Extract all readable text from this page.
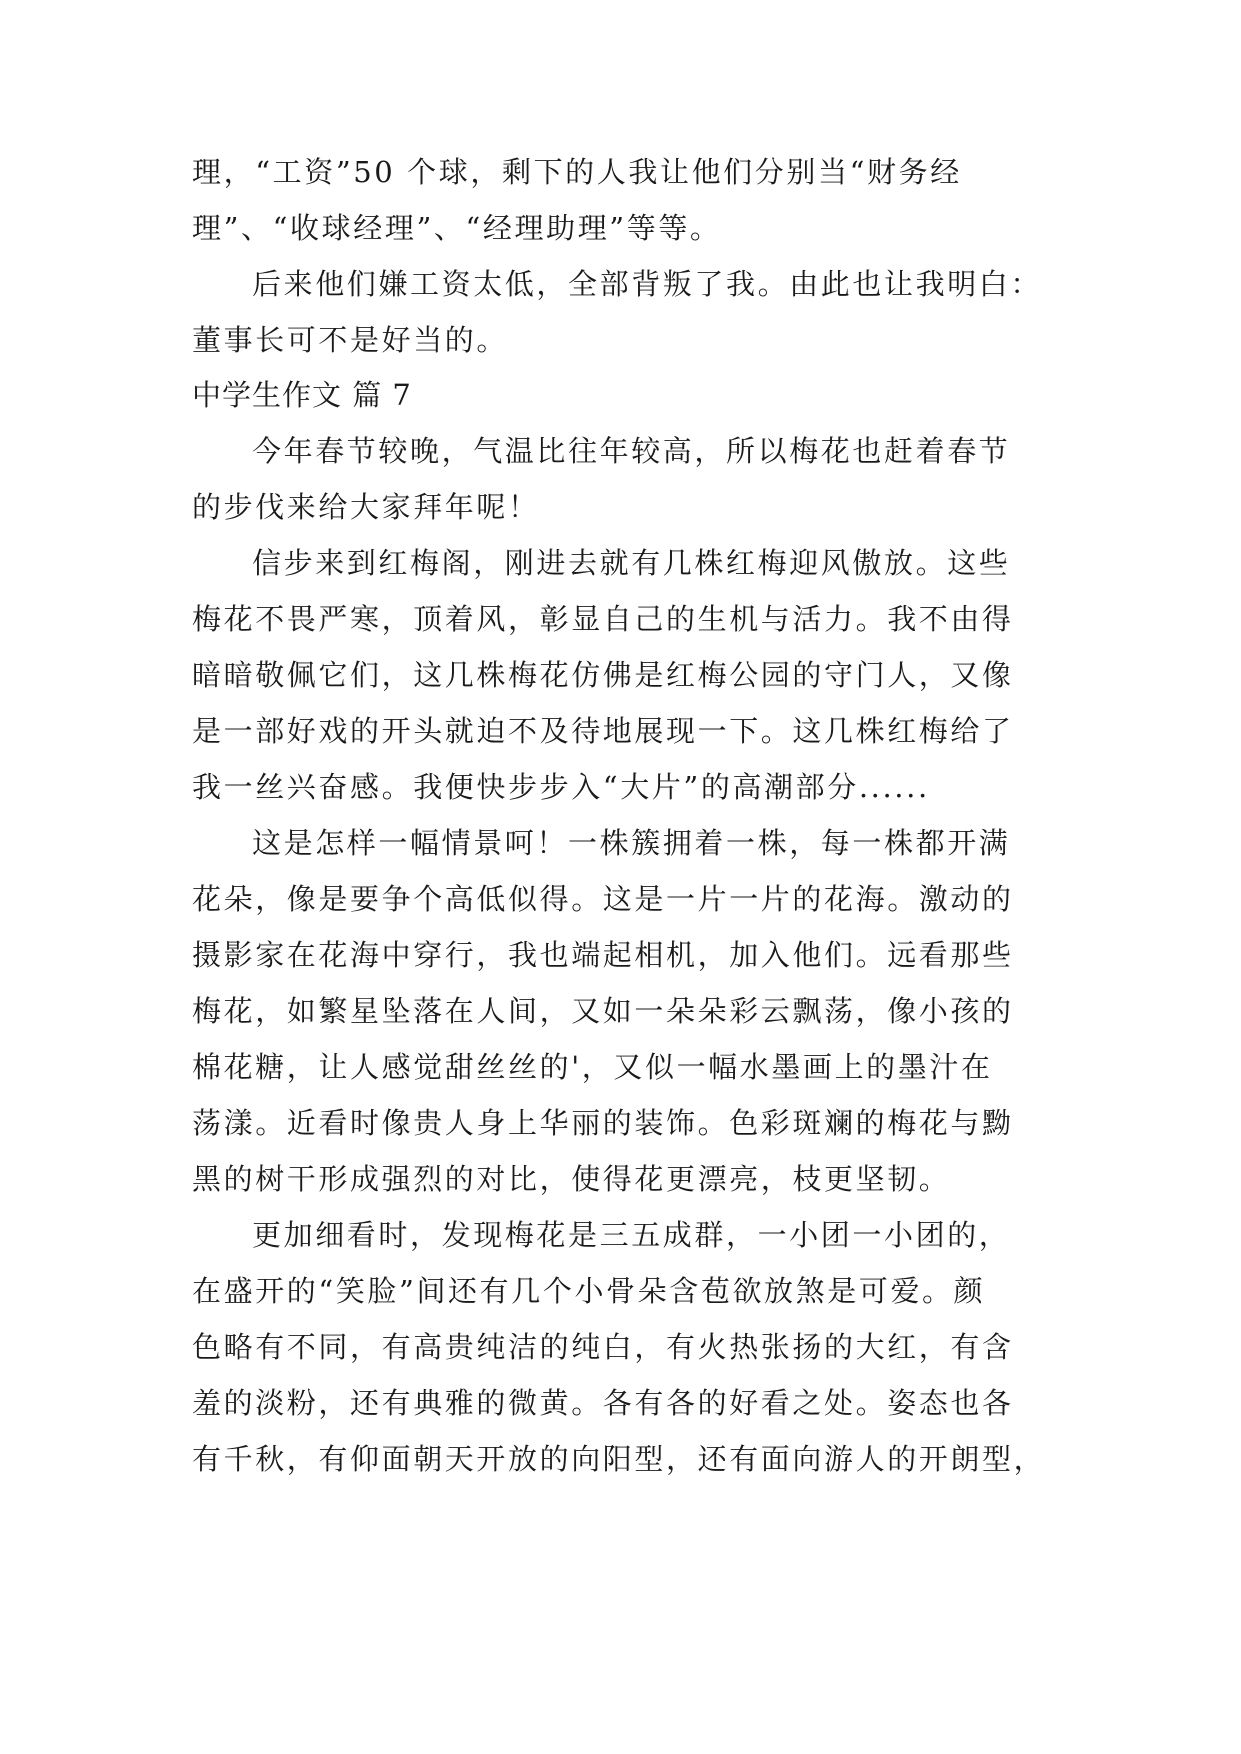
理，“工资”50 个球，剩下的人我让他们分别当“财务经
理”、“收球经理”、“经理助理”等等。
后来他们嫌工资太低，全部背叛了我。由此也让我明白：
董事长可不是好当的。
中学生作文 篇 7
今年春节较晚，气温比往年较高，所以梅花也赶着春节
的步伐来给大家拜年呢！
信步来到红梅阁，刚进去就有几株红梅迎风傲放。这些
梅花不畏严寒，顶着风，彰显自己的生机与活力。我不由得
暗暗敬佩它们，这几株梅花仿佛是红梅公园的守门人，又像
是一部好戏的开头就迫不及待地展现一下。这几株红梅给了
我一丝兴奋感。我便快步步入“大片”的高潮部分......
这是怎样一幅情景呵！一株簇拥着一株，每一株都开满
花朵，像是要争个高低似得。这是一片一片的花海。激动的
摄影家在花海中穿行，我也端起相机，加入他们。远看那些
梅花，如繁星坠落在人间，又如一朵朵彩云飘荡，像小孩的
棉花糖，让人感觉甜丝丝的'，又似一幅水墨画上的墨汁在
荡漾。近看时像贵人身上华丽的装饰。色彩斑斓的梅花与黝
黑的树干形成强烈的对比，使得花更漂亮，枝更坚韧。
更加细看时，发现梅花是三五成群，一小团一小团的，
在盛开的“笑脸”间还有几个小骨朵含苞欲放煞是可爱。颜
色略有不同，有高贵纯洁的纯白，有火热张扬的大红，有含
羞的淡粉，还有典雅的微黄。各有各的好看之处。姿态也各
有千秋，有仰面朝天开放的向阳型，还有面向游人的开朗型，
